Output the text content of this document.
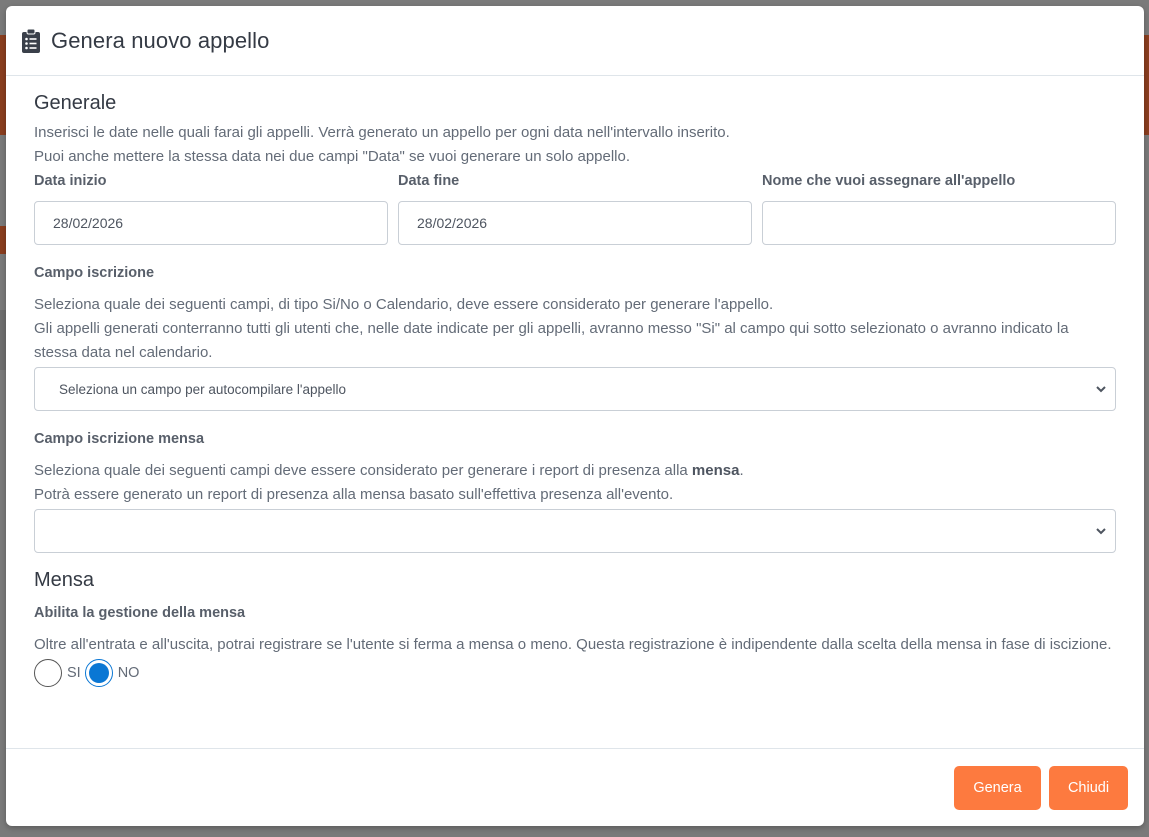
Genera nuovo appello
Generale

Inserisci le date nelle quali farai gli appelli. Verrà generato un appello per ogni data nell'intervallo inserito.

Puoi anche mettere la stessa data nei due campi "Data" se vuoi generare un solo appello.

Data inizio
28/02/2026
Data fine
28/02/2026
Nome che vuoi assegnare all'appello
Campo iscrizione

Seleziona quale dei seguenti campi, di tipo Si/No o Calendario, deve essere considerato per generare l'appello.

Gli appelli generati conterranno tutti gli utenti che, nelle date indicate per gli appelli, avranno messo "Si" al campo qui sotto selezionato o avranno indicato la stessa data nel calendario.

Seleziona un campo per autocompilare l'appello
Campo iscrizione mensa

Seleziona quale dei seguenti campi deve essere considerato per generare i report di presenza alla mensa.

Potrà essere generato un report di presenza alla mensa basato sull'effettiva presenza all'evento.

Mensa
Abilita la gestione della mensa

Oltre all'entrata e all'uscita, potrai registrare se l'utente si ferma a mensa o meno. Questa registrazione è indipendente dalla scelta della mensa in fase di iscizione.

SI	NO
Genera	Chiudi
